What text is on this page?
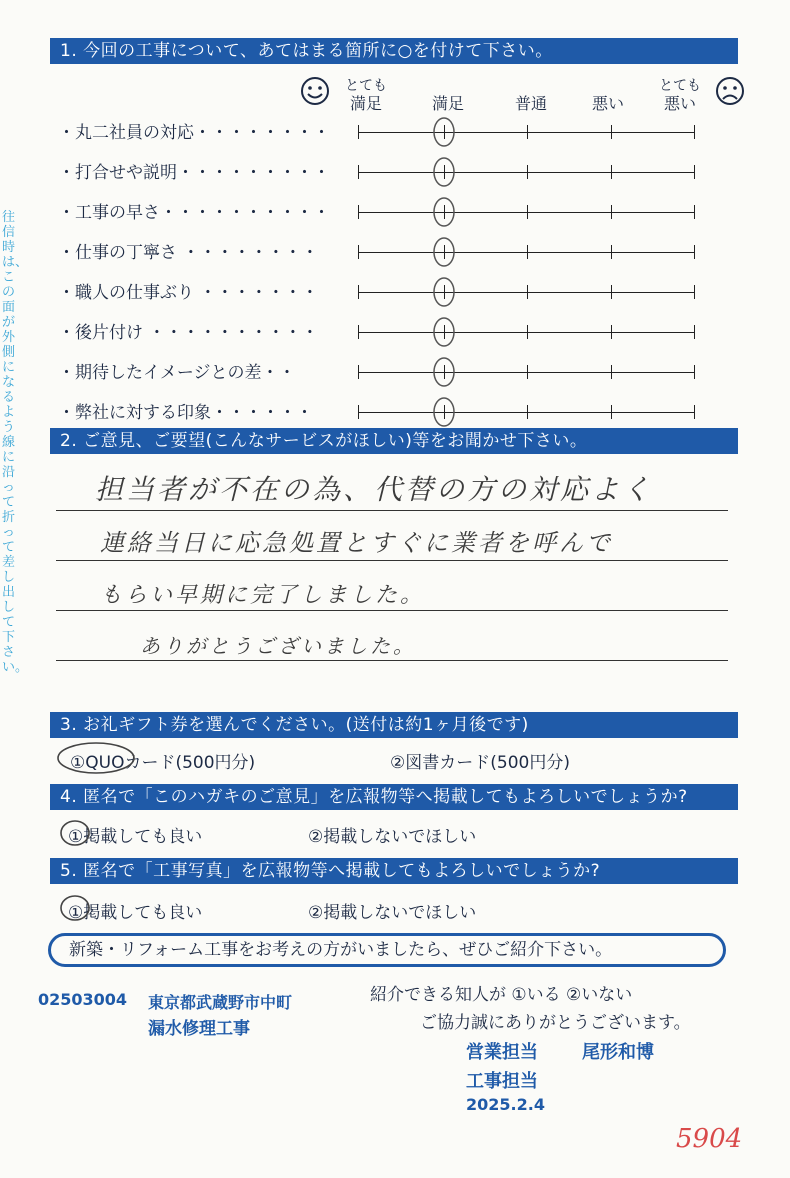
往信時は、この面が外側になるよう線に沿って折って差し出して下さい。
1. 今回の工事について、あてはまる箇所に○を付けて下さい。
とても
満足	満足	普通	悪い
とても
悪い
・丸二社員の対応・・・・・・・・
・打合せや説明・・・・・・・・・
・工事の早さ・・・・・・・・・・
・仕事の丁寧さ ・・・・・・・・
・職人の仕事ぶり ・・・・・・・
・後片付け ・・・・・・・・・・
・期待したイメージとの差・・
・弊社に対する印象・・・・・・
2. ご意見、ご要望(こんなサービスがほしい)等をお聞かせ下さい。
担当者が不在の為、代替の方の対応よく
連絡当日に応急処置とすぐに業者を呼んで
もらい早期に完了しました。
ありがとうございました。
3. お礼ギフト券を選んでください。(送付は約1ヶ月後です)
①QUOカード(500円分)	②図書カード(500円分)
4. 匿名で「このハガキのご意見」を広報物等へ掲載してもよろしいでしょうか?
①掲載しても良い	②掲載しないでほしい
5. 匿名で「工事写真」を広報物等へ掲載してもよろしいでしょうか?
①掲載しても良い	②掲載しないでほしい
新築・リフォーム工事をお考えの方がいましたら、ぜひご紹介下さい。
紹介できる知人が ①いる ②いない
ご協力誠にありがとうございます。
02503004 東京都武蔵野市中町
漏水修理工事
営業担当 尾形和博
工事担当
2025.2.4
5904
